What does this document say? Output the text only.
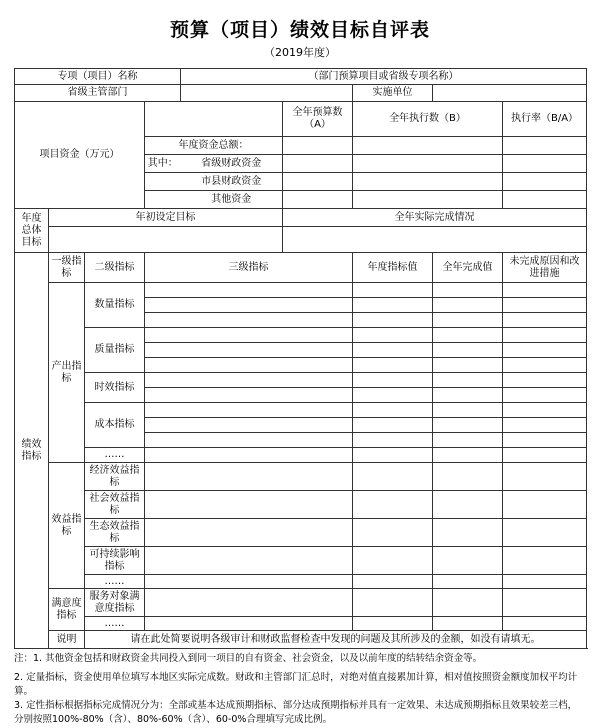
预算（项目）绩效目标自评表
（2019年度）
专项（项目）名称				（部门预算项目或省级专项名称）				
省级主管部门						实施单位		
项目资金（万元）					全年预算数（A）	全年执行数（B）		执行率（B/A）
			年度资金总额：					
			其中：	省级财政资金				
				市县财政资金				
				其他资金				
年度总体目标	年初设定目标				全年实际完成情况			

绩效指标	一级指标	二级指标	三级指标			年度指标值	全年完成值	未完成原因和改进措施
	产出指标	数量指标						

		质量指标						

		时效指标						

		成本指标						

		……						
	效益指标	经济效益指标						
		社会效益指标						
		生态效益指标						
		可持续影响指标						
		……						
	满意度指标	服务对象满意度指标						
		……						
	说明	请在此处简要说明各级审计和财政监督检查中发现的问题及其所涉及的金额，如没有请填无。						
注：1. 其他资金包括和财政资金共同投入到同一项目的自有资金、社会资金，以及以前年度的结转结余资金等。
2. 定量指标，资金使用单位填写本地区实际完成数。财政和主管部门汇总时，对绝对值直接累加计算，相对值按照资金额度加权平均计算。
3. 定性指标根据指标完成情况分为：全部或基本达成预期指标、部分达成预期指标并具有一定效果、未达成预期指标且效果较差三档，分别按照100%-80%（含）、80%-60%（含）、60-0%合理填写完成比例。
